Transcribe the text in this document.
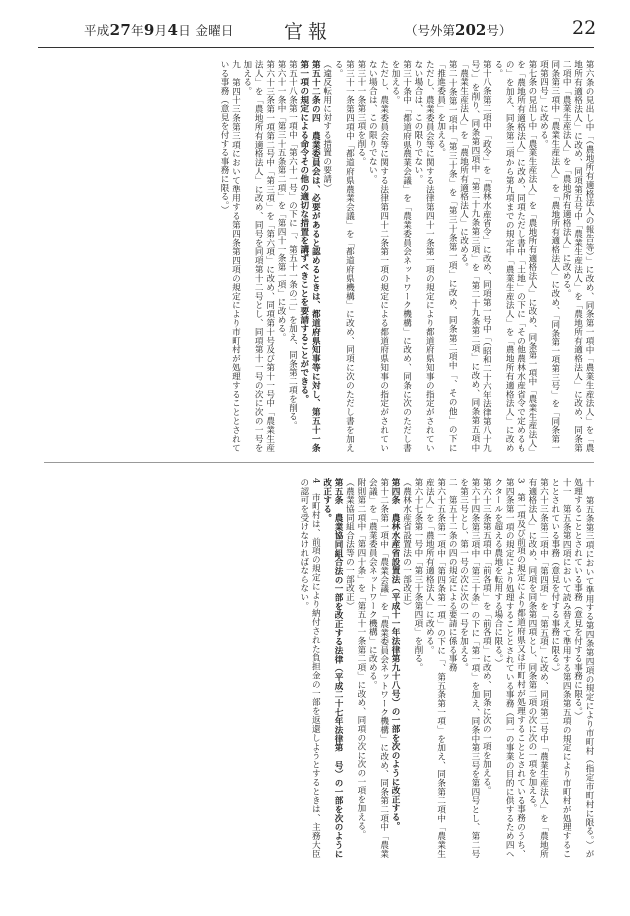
平成27年9月4日 金曜日	官報	（号外第202号）	22

第六条の見出し中「（農地所有適格法人の報告等）」に改め、同条第一項中「農業生産法人」を「農地所有適格法人」に改め、同項第五号中「農業生産法人」を「農地所有適格法人」に改め、同条第二項中「農業生産法人」を「農地所有適格法人」に改める。

同条第三項中「農業生産法人」を「農地所有適格法人」に改め、「同条第一項第三号」を「同条第一項第四号」に改める。

第七条の見出し中「農業生産法人」を「農地所有適格法人」に改め、同条第一項中「農業生産法人」を「農地所有適格法人」に改め、同項ただし書中「土地」の下に「その他農林水産省令で定めるもの」を加え、同条第二項から第九項までの規定中「農業生産法人」を「農地所有適格法人」に改める。

第十八条第二項中「政令」を「農林水産省令」に改め、同項第一号中「（昭和二十六年法律第八十九号）」を削り、同条第四項中「第二十九条第三項」を「第二十九条第二項」に改め、同条第五項中「農業生産法人」を「農地所有適格法人」に改める。

第二十条第一項中「第三十条」を「第三十条第一項」に改め、同条第二項中「、その他」の下に「推進委員」を加える。

ただし、農業委員会等に関する法律第四十一条第一項の規定により都道府県知事の指定がされていない場合は、この限りでない。

第三十条中「都道府県農業会議」を「農業委員会ネットワーク機構」に改め、同条に次のただし書を加える。

ただし、農業委員会等に関する法律第四十二条第一項の規定による都道府県知事の指定がされていない場合は、この限りでない。

第三十一条第三項を削る。

第三十一条第四項中「都道府県農業会議」を「都道府県機構」に改め、同項に次のただし書を加える。

（違反転用に対する措置の要請）

第五十二条の四　農業委員会は、必要があると認めるときは、都道府県知事等に対し、第五十一条第一項の規定による命令その他の適切な措置を講ずべきことを要請することができる。

第五十八条第一項中「第六十一号」の下に「、第五十一条の二」を加え、同条第二項を削る。

第六十一条中「第三十五条第二項」を「第四十一条第一項」に改める。

第六十三条第一項第二号中「第三項」を「第六項」に改め、同項第十号及び第十一号中「農業生産法人」を「農地所有適格法人」に改め、同号を同項第十二号とし、同項第十一号の次に次の一号を加える。

九　第四十三条第三項において準用する第四条第四項の規定により市町村が処理することとされている事務（意見を付する事務に限る。）

十　第五条第三項において準用する第四条第四項の規定により市町村（指定市町村に限る。）が処理することとされている事務（意見を付する事務に限る。）

十一　第五条第四項において読み替えて準用する第四条第五項の規定により市町村が処理することとされている事務（意見を付する事務に限る。）

第六十三条第二項中「第四項」を「第五項」に改め、同項第二号中「農業生産法人」を「農地所有適格法人」に改め、同項を同条第四項とし、同条第二項の次に次の一項を加える。

3　第一項及び前項の規定により都道府県又は市町村が処理することとされている事務のうち、第四条第一項の規定により処理することとされている事務（同一の事業の目的に供するため四ヘクタールを超える農地を転用する場合に限る。）

第六十三条第五項中「前各項」を「前各項」に改め、同条に次の一項を加える。

第六十四条第三項中「第三十条」の下に「第一項」を加え、同条中第三号を第四号とし、第二号を第三号とし、第一号の次に次の一号を加える。

二　第五十二条の四の規定による要請に係る事務

第六十五条第一項中「第四条第一項」の下に「、第五条第一項」を加え、同条第二項中「農業生産法人」を「農地所有適格法人」に改める。

第六十七条第一号中「第三十条第四項」を削る。

（農林水産省設置法の一部改正）

第四条　農林水産省設置法（平成十一年法律第九十八号）の一部を次のように改正する。

第十二条第一項中「農業会議」を「農業委員会ネットワーク機構」に改め、同条第二項中「農業会議」を「農業委員会ネットワーク機構」に改める。

附則第二項中「第四十条」を「第五十一条第二項」に改め、同項の次に次の一項を加える。

（農業協同組合法等の一部改正）

第五条　農業協同組合法の一部を改正する法律（平成二十七年法律第　号）の一部を次のように改正する。

4　市町村は、前項の規定により納付された負担金の一部を返還しようとするときは、主務大臣の認可を受けなければならない。
